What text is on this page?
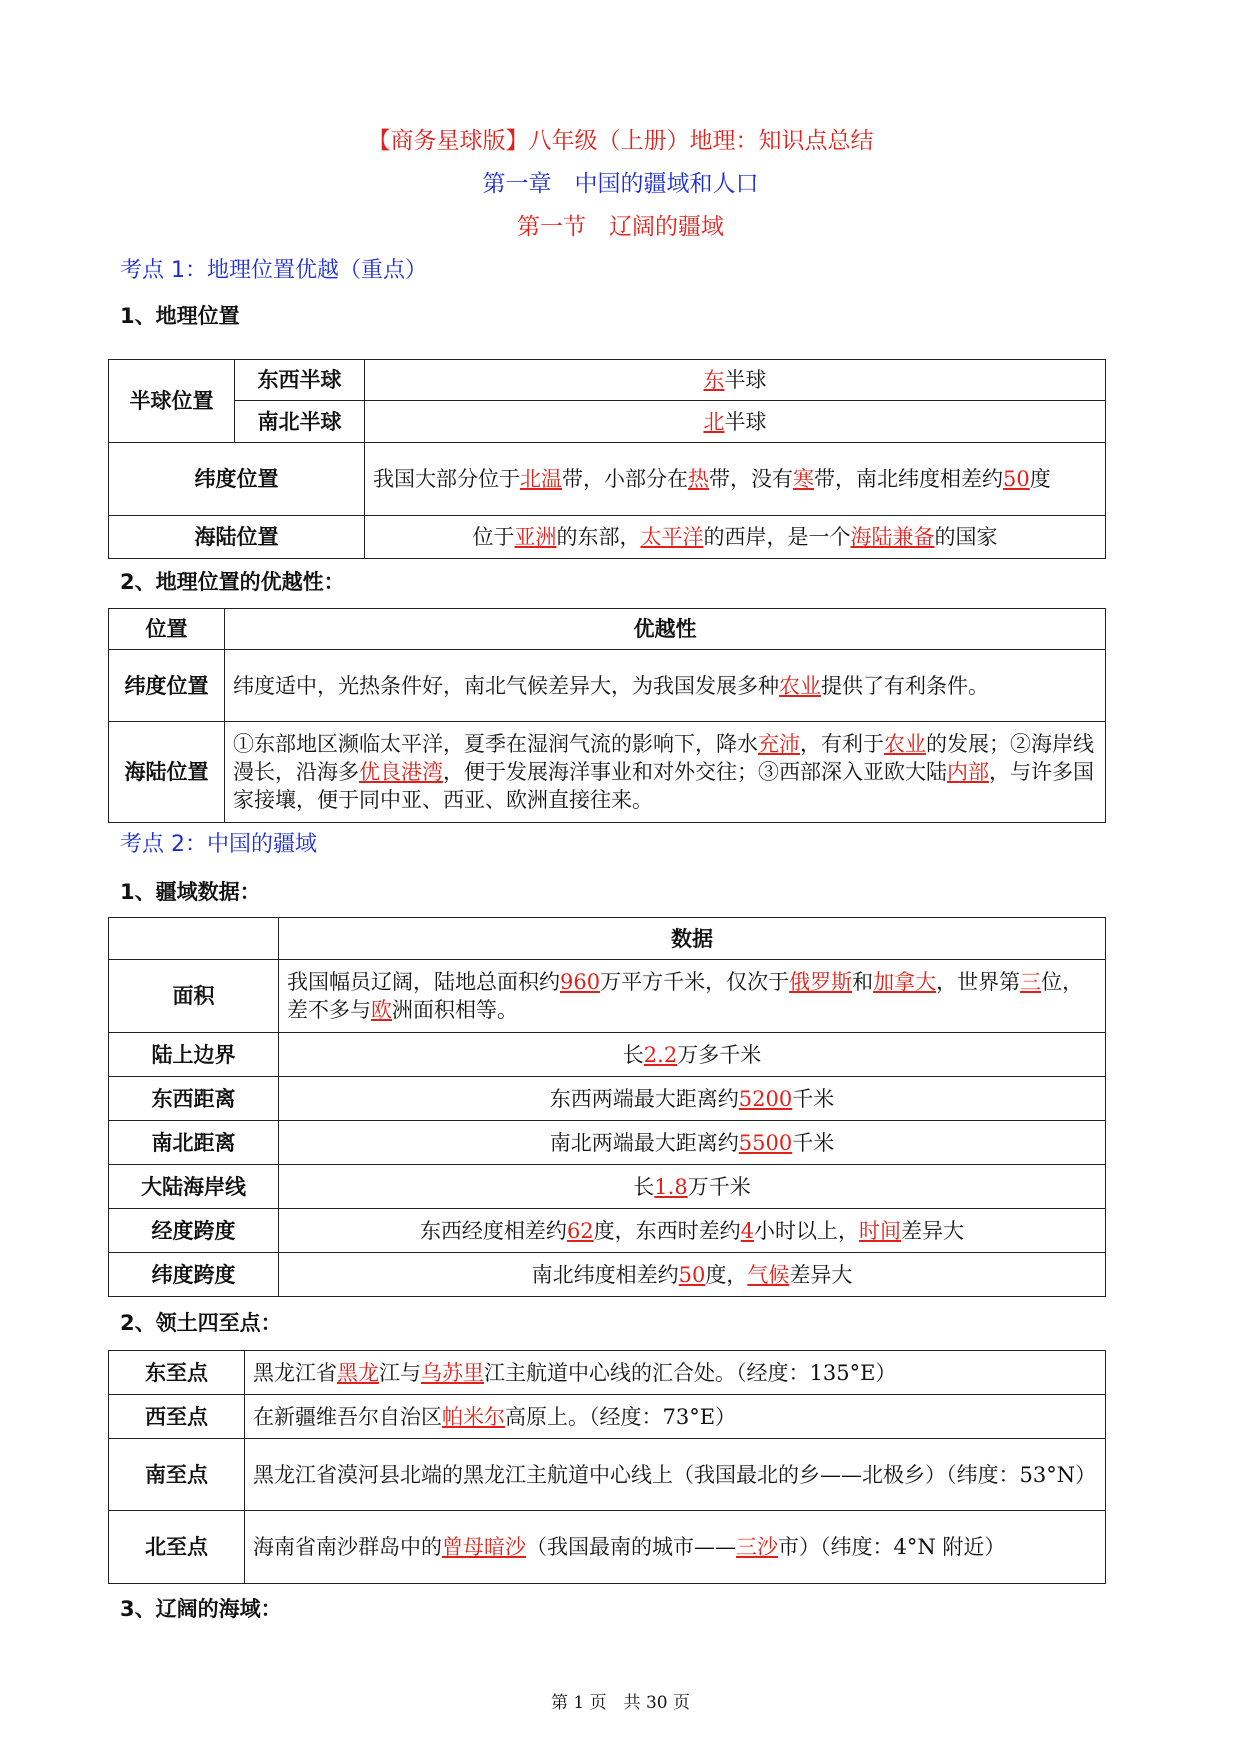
【商务星球版】八年级（上册）地理：知识点总结
第一章　中国的疆域和人口
第一节　辽阔的疆域
考点 1：地理位置优越（重点）
1、地理位置
半球位置	东西半球	东半球
	南北半球	北半球
纬度位置		我国大部分位于北温带，小部分在热带，没有寒带，南北纬度相差约50度
海陆位置		位于亚洲的东部，太平洋的西岸，是一个海陆兼备的国家
2、地理位置的优越性：
位置	优越性
纬度位置	纬度适中，光热条件好，南北气候差异大，为我国发展多种农业提供了有利条件。
海陆位置	①东部地区濒临太平洋，夏季在湿润气流的影响下，降水充沛，有利于农业的发展；②海岸线漫长，沿海多优良港湾，便于发展海洋事业和对外交往；③西部深入亚欧大陆内部，与许多国家接壤，便于同中亚、西亚、欧洲直接往来。
考点 2：中国的疆域
1、疆域数据：
	数据
面积	我国幅员辽阔，陆地总面积约960万平方千米，仅次于俄罗斯和加拿大，世界第三位，差不多与欧洲面积相等。
陆上边界	长2.2万多千米
东西距离	东西两端最大距离约5200千米
南北距离	南北两端最大距离约5500千米
大陆海岸线	长1.8万千米
经度跨度	东西经度相差约62度，东西时差约4小时以上，时间差异大
纬度跨度	南北纬度相差约50度，气候差异大
2、领土四至点：
东至点	黑龙江省黑龙江与乌苏里江主航道中心线的汇合处。（经度：135°E）
西至点	在新疆维吾尔自治区帕米尔高原上。（经度：73°E）
南至点	黑龙江省漠河县北端的黑龙江主航道中心线上（我国最北的乡——北极乡）（纬度：53°N）
北至点	海南省南沙群岛中的曾母暗沙（我国最南的城市——三沙市）（纬度：4°N 附近）
3、辽阔的海域：
第 1 页　共 30 页
